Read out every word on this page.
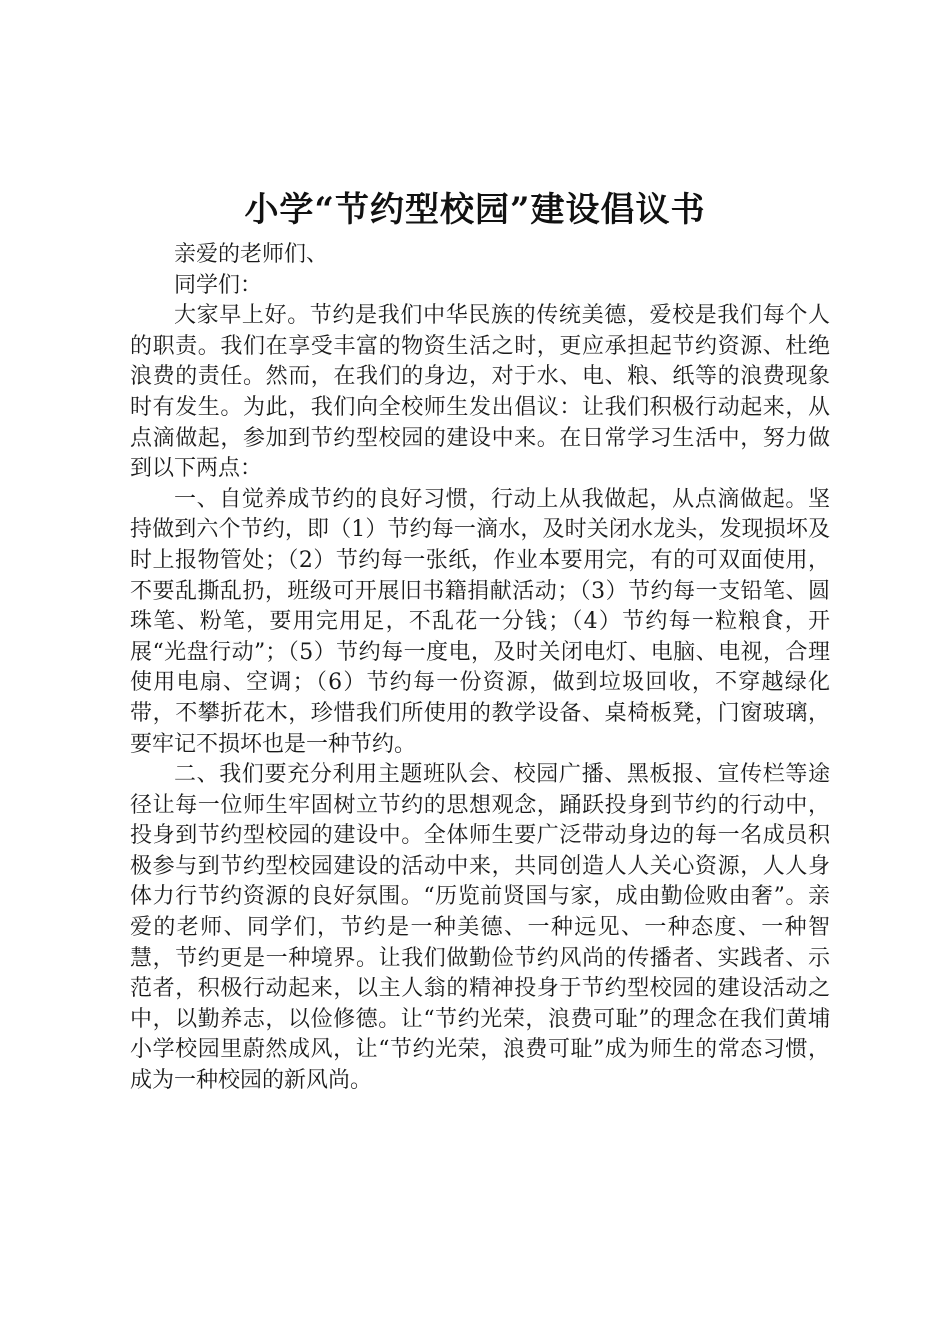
小学“节约型校园”建设倡议书

亲爱的老师们、

同学们：

大家早上好。节约是我们中华民族的传统美德，爱校是我们每个人的职责。我们在享受丰富的物资生活之时，更应承担起节约资源、杜绝浪费的责任。然而，在我们的身边，对于水、电、粮、纸等的浪费现象时有发生。为此，我们向全校师生发出倡议：让我们积极行动起来，从点滴做起，参加到节约型校园的建设中来。在日常学习生活中，努力做到以下两点：

一、自觉养成节约的良好习惯，行动上从我做起，从点滴做起。坚持做到六个节约，即（1）节约每一滴水，及时关闭水龙头，发现损坏及时上报物管处；（2）节约每一张纸，作业本要用完，有的可双面使用，不要乱撕乱扔，班级可开展旧书籍捐献活动；（3）节约每一支铅笔、圆珠笔、粉笔，要用完用足，不乱花一分钱；（4）节约每一粒粮食，开展“光盘行动”；（5）节约每一度电，及时关闭电灯、电脑、电视，合理使用电扇、空调；（6）节约每一份资源，做到垃圾回收，不穿越绿化带，不攀折花木，珍惜我们所使用的教学设备、桌椅板凳，门窗玻璃，要牢记不损坏也是一种节约。

二、我们要充分利用主题班队会、校园广播、黑板报、宣传栏等途径让每一位师生牢固树立节约的思想观念，踊跃投身到节约的行动中，投身到节约型校园的建设中。全体师生要广泛带动身边的每一名成员积极参与到节约型校园建设的活动中来，共同创造人人关心资源，人人身体力行节约资源的良好氛围。“历览前贤国与家，成由勤俭败由奢”。亲爱的老师、同学们，节约是一种美德、一种远见、一种态度、一种智慧，节约更是一种境界。让我们做勤俭节约风尚的传播者、实践者、示范者，积极行动起来，以主人翁的精神投身于节约型校园的建设活动之中，以勤养志，以俭修德。让“节约光荣，浪费可耻”的理念在我们黄埔小学校园里蔚然成风，让“节约光荣，浪费可耻”成为师生的常态习惯，成为一种校园的新风尚。
